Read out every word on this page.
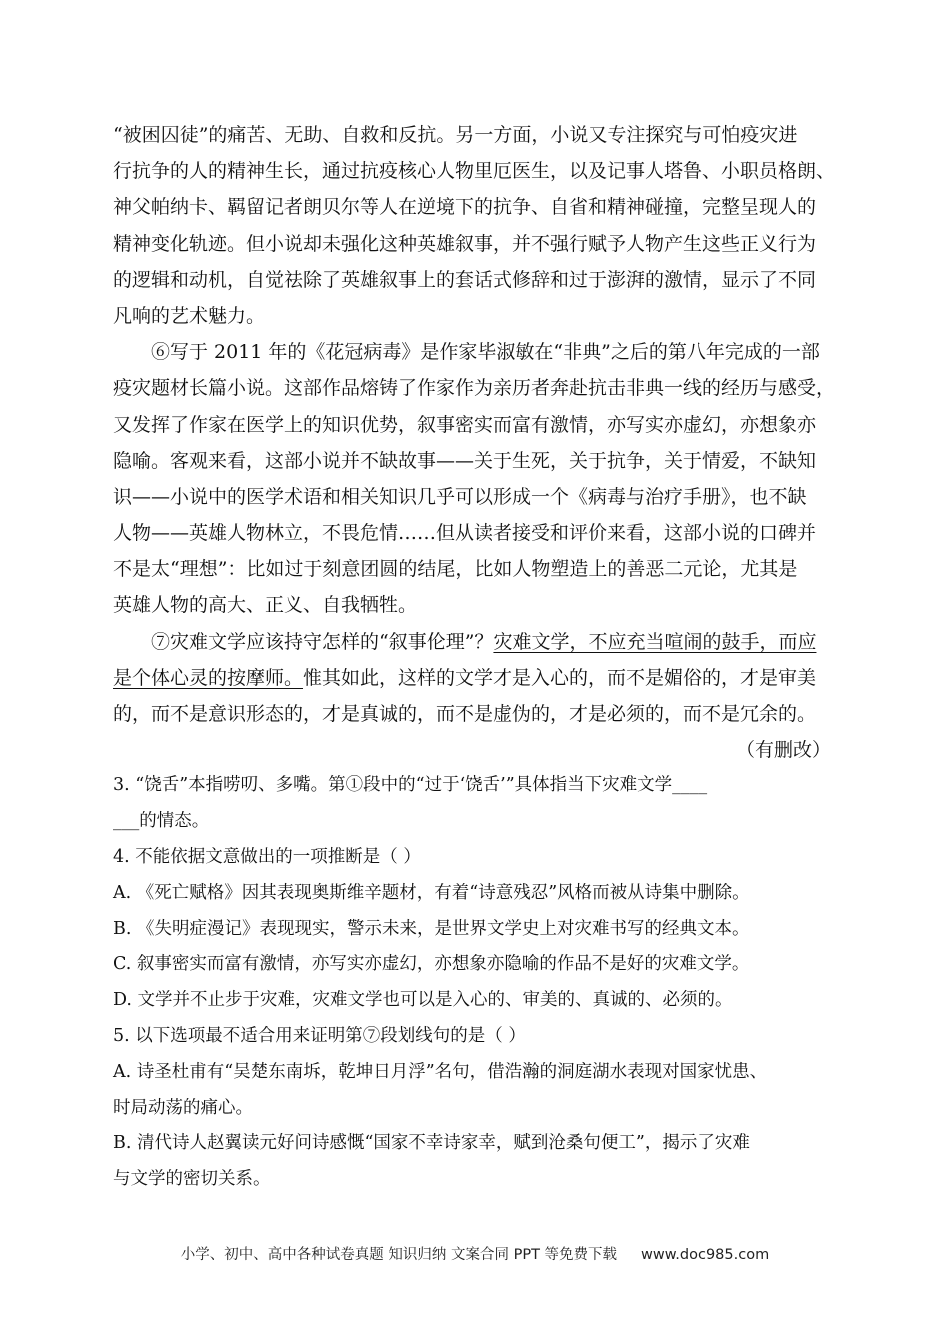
“被困囚徒”的痛苦、无助、自救和反抗。另一方面，小说又专注探究与可怕疫灾进
行抗争的人的精神生长，通过抗疫核心人物里厄医生，以及记事人塔鲁、小职员格朗、
神父帕纳卡、羁留记者朗贝尔等人在逆境下的抗争、自省和精神碰撞，完整呈现人的
精神变化轨迹。但小说却未强化这种英雄叙事，并不强行赋予人物产生这些正义行为
的逻辑和动机，自觉祛除了英雄叙事上的套话式修辞和过于澎湃的激情，显示了不同
凡响的艺术魅力。
⑥写于 2011 年的《花冠病毒》是作家毕淑敏在“非典”之后的第八年完成的一部
疫灾题材长篇小说。这部作品熔铸了作家作为亲历者奔赴抗击非典一线的经历与感受，
又发挥了作家在医学上的知识优势，叙事密实而富有激情，亦写实亦虚幻，亦想象亦
隐喻。客观来看，这部小说并不缺故事——关于生死，关于抗争，关于情爱，不缺知
识——小说中的医学术语和相关知识几乎可以形成一个《病毒与治疗手册》，也不缺
人物——英雄人物林立，不畏危情……但从读者接受和评价来看，这部小说的口碑并
不是太“理想”：比如过于刻意团圆的结尾，比如人物塑造上的善恶二元论，尤其是
英雄人物的高大、正义、自我牺牲。
⑦灾难文学应该持守怎样的“叙事伦理”？灾难文学，不应充当喧闹的鼓手，而应
是个体心灵的按摩师。惟其如此，这样的文学才是入心的，而不是媚俗的，才是审美
的，而不是意识形态的，才是真诚的，而不是虚伪的，才是必须的，而不是冗余的。
（有删改）
3. “饶舌”本指唠叨、多嘴。第①段中的“过于‘饶舌’”具体指当下灾难文学____
___的情态。
4. 不能依据文意做出的一项推断是（ ）
A. 《死亡赋格》因其表现奥斯维辛题材，有着“诗意残忍”风格而被从诗集中删除。
B. 《失明症漫记》表现现实，警示未来，是世界文学史上对灾难书写的经典文本。
C. 叙事密实而富有激情，亦写实亦虚幻，亦想象亦隐喻的作品不是好的灾难文学。
D. 文学并不止步于灾难，灾难文学也可以是入心的、审美的、真诚的、必须的。
5. 以下选项最不适合用来证明第⑦段划线句的是（ ）
A. 诗圣杜甫有“吴楚东南坼，乾坤日月浮”名句，借浩瀚的洞庭湖水表现对国家忧患、
时局动荡的痛心。
B. 清代诗人赵翼读元好问诗感慨“国家不幸诗家幸，赋到沧桑句便工”，揭示了灾难
与文学的密切关系。
小学、初中、高中各种试卷真题 知识归纳 文案合同 PPT 等免费下载 www.doc985.com
